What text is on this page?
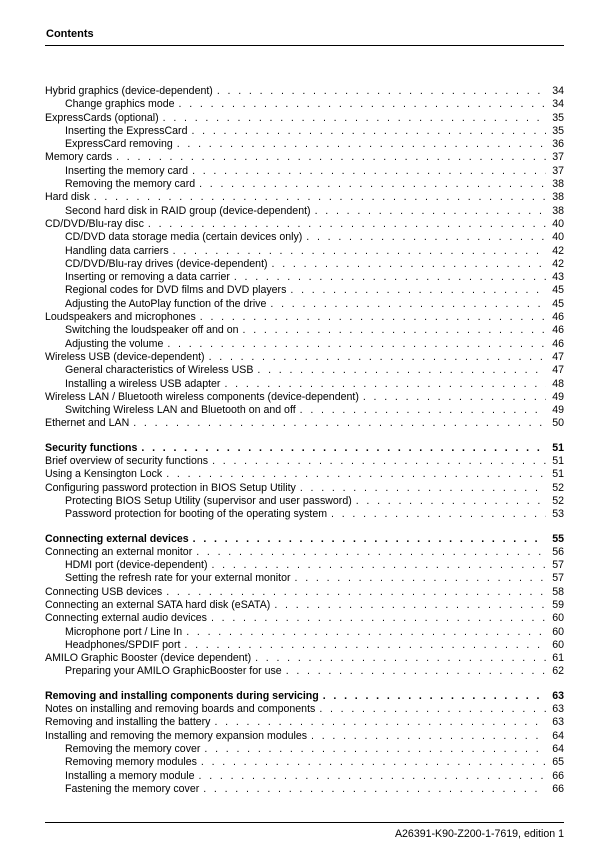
Contents
Hybrid graphics (device-dependent) . . .	34
Change graphics mode . . .	34
ExpressCards (optional) . . .	35
Inserting the ExpressCard . . .	35
ExpressCard removing . . .	36
Memory cards . . .	37
Inserting the memory card . . .	37
Removing the memory card . . .	38
Hard disk . . .	38
Second hard disk in RAID group (device-dependent) . . .	38
CD/DVD/Blu-ray disc . . .	40
CD/DVD data storage media (certain devices only) . . .	40
Handling data carriers . . .	42
CD/DVD/Blu-ray drives (device-dependent) . . .	42
Inserting or removing a data carrier . . .	43
Regional codes for DVD films and DVD players . . .	45
Adjusting the AutoPlay function of the drive . . .	45
Loudspeakers and microphones . . .	46
Switching the loudspeaker off and on . . .	46
Adjusting the volume . . .	46
Wireless USB (device-dependent) . . .	47
General characteristics of Wireless USB . . .	47
Installing a wireless USB adapter . . .	48
Wireless LAN / Bluetooth wireless components (device-dependent) . . .	49
Switching Wireless LAN and Bluetooth on and off . . .	49
Ethernet and LAN . . .	50
Security functions . . .	51
Brief overview of security functions . . .	51
Using a Kensington Lock . . .	51
Configuring password protection in BIOS Setup Utility . . .	52
Protecting BIOS Setup Utility (supervisor and user password) . . .	52
Password protection for booting of the operating system . . .	53
Connecting external devices . . .	55
Connecting an external monitor . . .	56
HDMI port (device-dependent) . . .	57
Setting the refresh rate for your external monitor . . .	57
Connecting USB devices . . .	58
Connecting an external SATA hard disk (eSATA) . . .	59
Connecting external audio devices . . .	60
Microphone port / Line In . . .	60
Headphones/SPDIF port . . .	60
AMILO Graphic Booster (device dependent) . . .	61
Preparing your AMILO GraphicBooster for use . . .	62
Removing and installing components during servicing . . .	63
Notes on installing and removing boards and components . . .	63
Removing and installing the battery . . .	63
Installing and removing the memory expansion modules . . .	64
Removing the memory cover . . .	64
Removing memory modules . . .	65
Installing a memory module . . .	66
Fastening the memory cover . . .	66
A26391-K90-Z200-1-7619, edition 1
